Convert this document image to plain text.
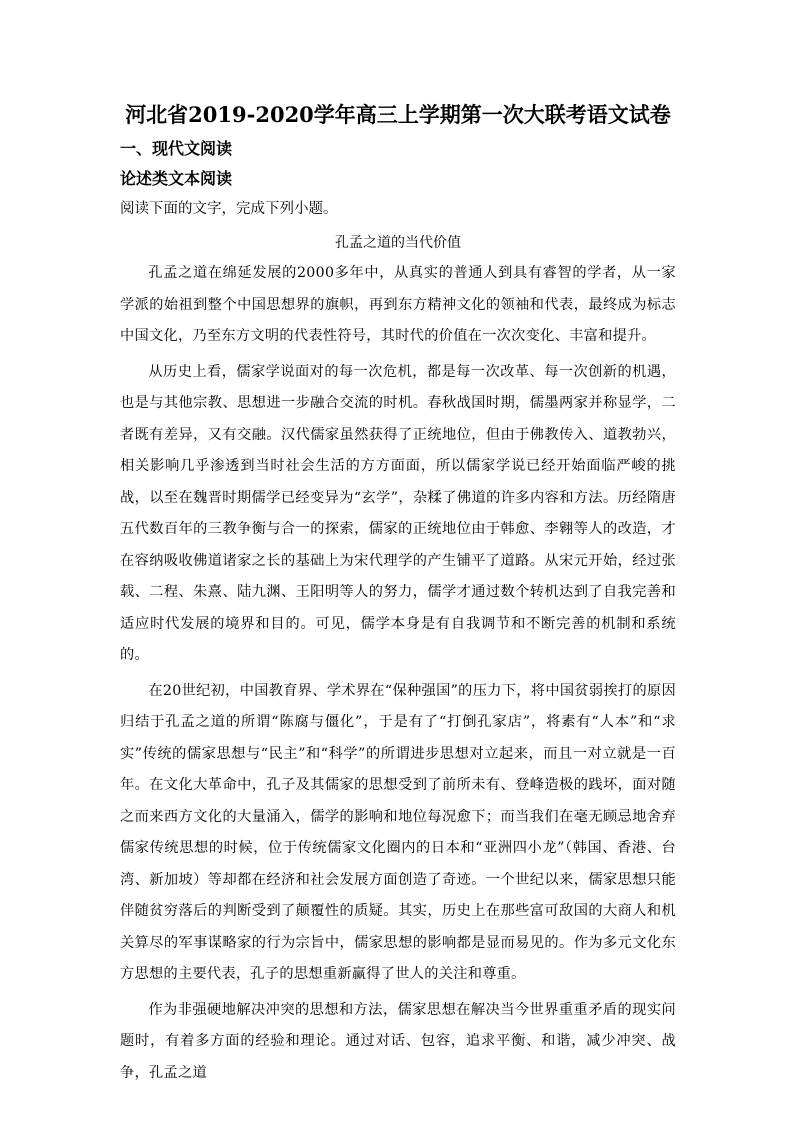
河北省2019-2020学年高三上学期第一次大联考语文试卷
一、现代文阅读
论述类文本阅读
阅读下面的文字，完成下列小题。
孔孟之道的当代价值

孔孟之道在绵延发展的2000多年中，从真实的普通人到具有睿智的学者，从一家学派的始祖到整个中国思想界的旗帜，再到东方精神文化的领袖和代表，最终成为标志中国文化，乃至东方文明的代表性符号，其时代的价值在一次次变化、丰富和提升。

从历史上看，儒家学说面对的每一次危机，都是每一次改革、每一次创新的机遇，也是与其他宗教、思想进一步融合交流的时机。春秋战国时期，儒墨两家并称显学，二者既有差异，又有交融。汉代儒家虽然获得了正统地位，但由于佛教传入、道教勃兴，相关影响几乎渗透到当时社会生活的方方面面，所以儒家学说已经开始面临严峻的挑战，以至在魏晋时期儒学已经变异为“玄学”，杂糅了佛道的许多内容和方法。历经隋唐五代数百年的三教争衡与合一的探索，儒家的正统地位由于韩愈、李翱等人的改造，才在容纳吸收佛道诸家之长的基础上为宋代理学的产生铺平了道路。从宋元开始，经过张载、二程、朱熹、陆九渊、王阳明等人的努力，儒学才通过数个转机达到了自我完善和适应时代发展的境界和目的。可见，儒学本身是有自我调节和不断完善的机制和系统的。

在20世纪初，中国教育界、学术界在“保种强国”的压力下，将中国贫弱挨打的原因归结于孔孟之道的所谓“陈腐与僵化”，于是有了“打倒孔家店”，将素有“人本”和“求实”传统的儒家思想与“民主”和“科学”的所谓进步思想对立起来，而且一对立就是一百年。在文化大革命中，孔子及其儒家的思想受到了前所未有、登峰造极的践坏，面对随之而来西方文化的大量涌入，儒学的影响和地位每况愈下；而当我们在毫无顾忌地舍弃儒家传统思想的时候，位于传统儒家文化圈内的日本和“亚洲四小龙”（韩国、香港、台湾、新加坡）等却都在经济和社会发展方面创造了奇迹。一个世纪以来，儒家思想只能伴随贫穷落后的判断受到了颠覆性的质疑。其实，历史上在那些富可敌国的大商人和机关算尽的军事谋略家的行为宗旨中，儒家思想的影响都是显而易见的。作为多元文化东方思想的主要代表，孔子的思想重新赢得了世人的关注和尊重。

作为非强硬地解决冲突的思想和方法，儒家思想在解决当今世界重重矛盾的现实问题时，有着多方面的经验和理论。通过对话、包容，追求平衡、和谐，减少冲突、战争，孔孟之道
